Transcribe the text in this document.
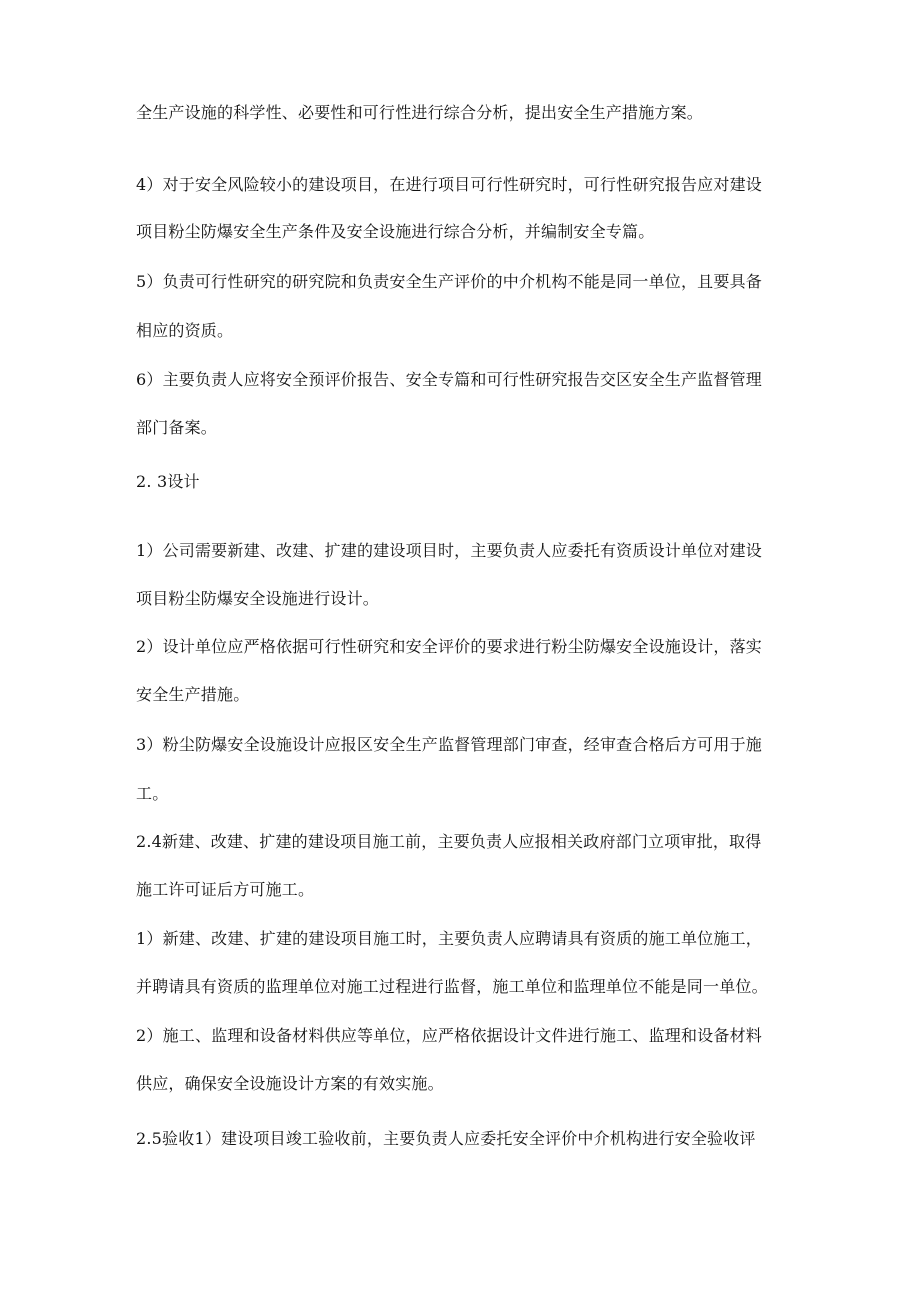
全生产设施的科学性、必要性和可行性进行综合分析，提出安全生产措施方案。
4）对于安全风险较小的建设项目，在进行项目可行性研究时，可行性研究报告应对建设
项目粉尘防爆安全生产条件及安全设施进行综合分析，并编制安全专篇。
5）负责可行性研究的研究院和负责安全生产评价的中介机构不能是同一单位，且要具备
相应的资质。
6）主要负责人应将安全预评价报告、安全专篇和可行性研究报告交区安全生产监督管理
部门备案。
2. 3设计
1）公司需要新建、改建、扩建的建设项目时，主要负责人应委托有资质设计单位对建设
项目粉尘防爆安全设施进行设计。
2）设计单位应严格依据可行性研究和安全评价的要求进行粉尘防爆安全设施设计，落实
安全生产措施。
3）粉尘防爆安全设施设计应报区安全生产监督管理部门审查，经审查合格后方可用于施
工。
2.4新建、改建、扩建的建设项目施工前，主要负责人应报相关政府部门立项审批，取得
施工许可证后方可施工。
1）新建、改建、扩建的建设项目施工时，主要负责人应聘请具有资质的施工单位施工，
并聘请具有资质的监理单位对施工过程进行监督，施工单位和监理单位不能是同一单位。
2）施工、监理和设备材料供应等单位，应严格依据设计文件进行施工、监理和设备材料
供应，确保安全设施设计方案的有效实施。
2.5验收1）建设项目竣工验收前，主要负责人应委托安全评价中介机构进行安全验收评
